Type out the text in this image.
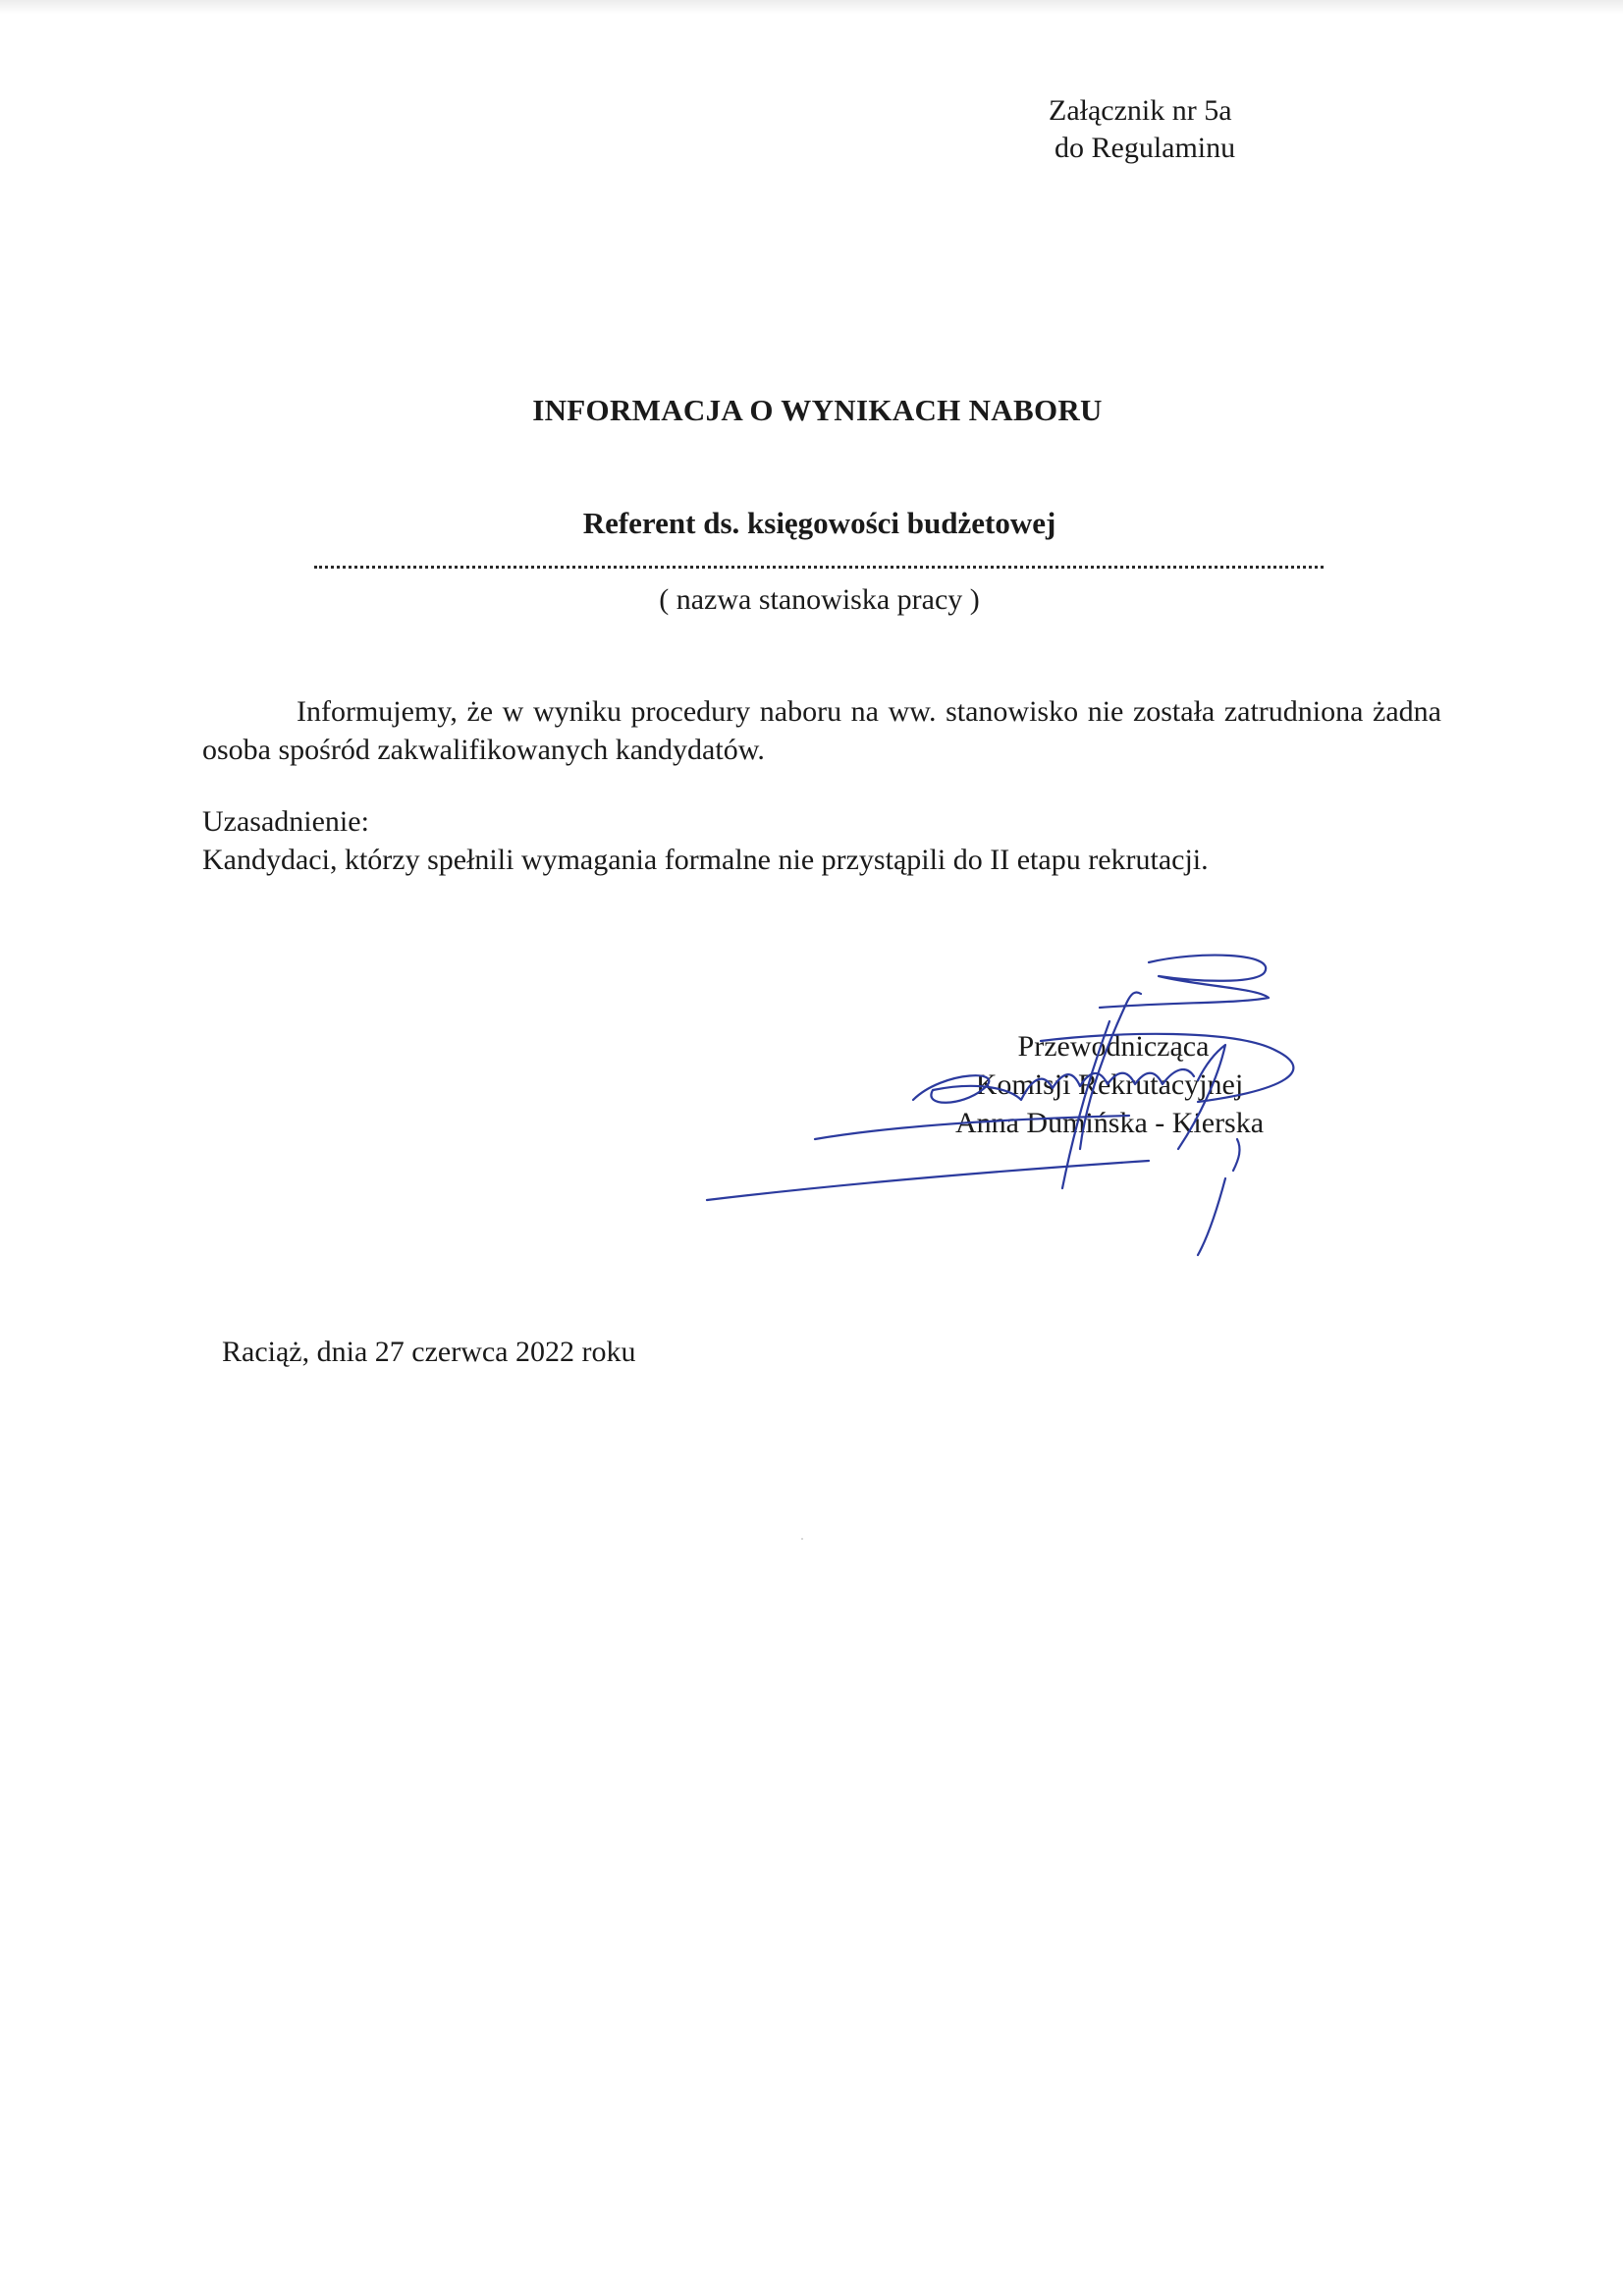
Załącznik nr 5a
do Regulaminu
INFORMACJA O WYNIKACH NABORU
Referent ds. księgowości budżetowej
( nazwa stanowiska pracy )
Informujemy, że w wyniku procedury naboru na ww. stanowisko nie została zatrudniona żadna osoba spośród zakwalifikowanych kandydatów.
Uzasadnienie:
Kandydaci, którzy spełnili wymagania formalne nie przystąpili do II etapu rekrutacji.
Przewodnicząca
Komisji Rekrutacyjnej
Anna Dumińska - Kierska
Raciąż, dnia 27 czerwca 2022 roku
